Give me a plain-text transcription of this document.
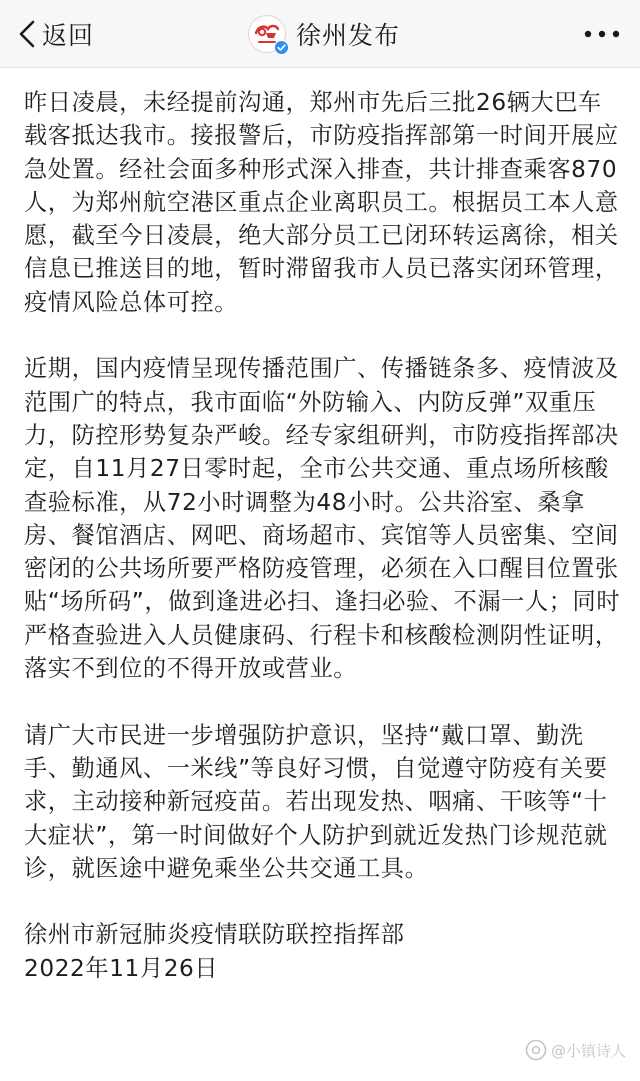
返回	徐州发布

昨日凌晨，未经提前沟通，郑州市先后三批26辆大巴车载客抵达我市。接报警后，市防疫指挥部第一时间开展应急处置。经社会面多种形式深入排查，共计排查乘客870人，为郑州航空港区重点企业离职员工。根据员工本人意愿，截至今日凌晨，绝大部分员工已闭环转运离徐，相关信息已推送目的地，暂时滞留我市人员已落实闭环管理，疫情风险总体可控。

近期，国内疫情呈现传播范围广、传播链条多、疫情波及范围广的特点，我市面临“外防输入、内防反弹”双重压力，防控形势复杂严峻。经专家组研判，市防疫指挥部决定，自11月27日零时起，全市公共交通、重点场所核酸查验标准，从72小时调整为48小时。公共浴室、桑拿房、餐馆酒店、网吧、商场超市、宾馆等人员密集、空间密闭的公共场所要严格防疫管理，必须在入口醒目位置张贴“场所码”，做到逢进必扫、逢扫必验、不漏一人；同时严格查验进入人员健康码、行程卡和核酸检测阴性证明，落实不到位的不得开放或营业。

请广大市民进一步增强防护意识，坚持“戴口罩、勤洗手、勤通风、一米线”等良好习惯，自觉遵守防疫有关要求，主动接种新冠疫苗。若出现发热、咽痛、干咳等“十大症状”，第一时间做好个人防护到就近发热门诊规范就诊，就医途中避免乘坐公共交通工具。

徐州市新冠肺炎疫情联防联控指挥部

2022年11月26日

@小镇诗人
